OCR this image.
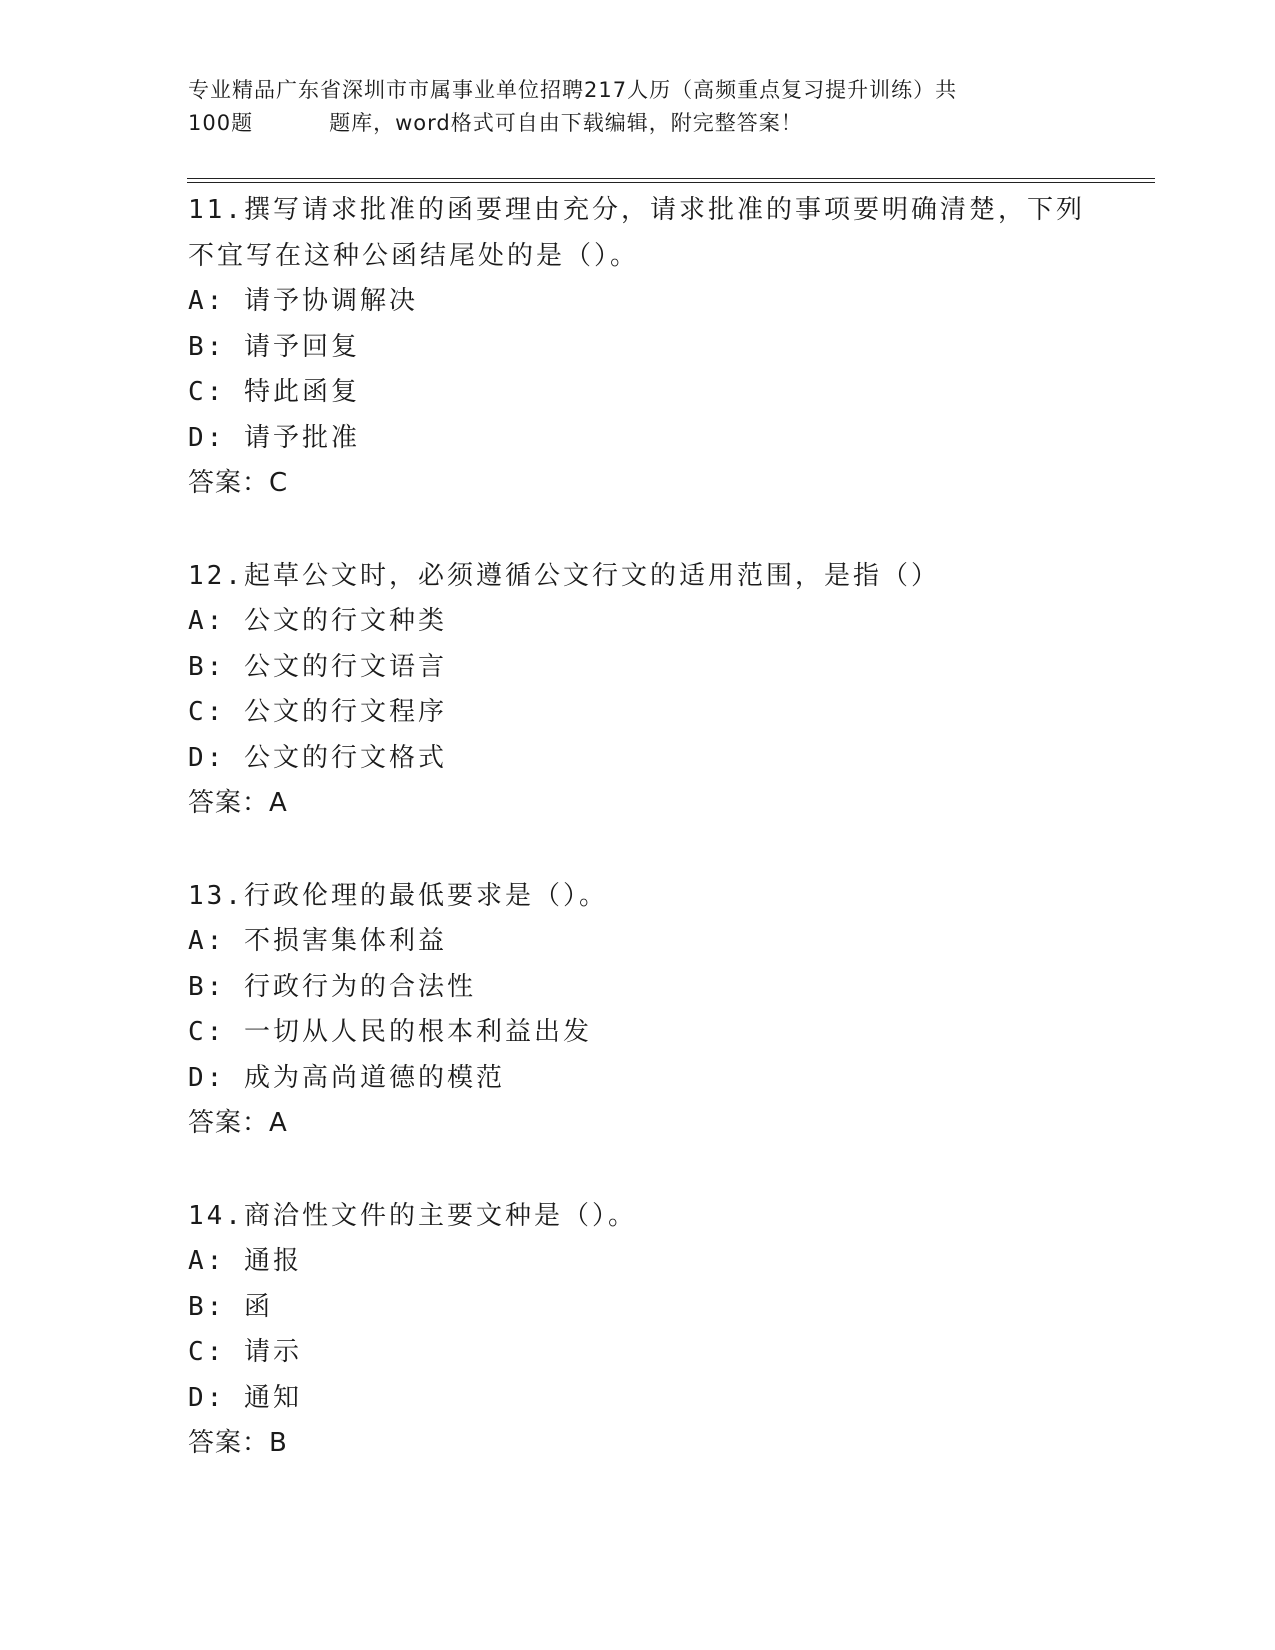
专业精品广东省深圳市市属事业单位招聘217人历（高频重点复习提升训练）共
100题	题库，word格式可自由下载编辑，附完整答案！
11.撰写请求批准的函要理由充分，请求批准的事项要明确清楚，下列
不宜写在这种公函结尾处的是（）。
A: 请予协调解决
B: 请予回复
C: 特此函复
D: 请予批准
答案：C
12.起草公文时，必须遵循公文行文的适用范围，是指（）
A: 公文的行文种类
B: 公文的行文语言
C: 公文的行文程序
D: 公文的行文格式
答案：A
13.行政伦理的最低要求是（）。
A: 不损害集体利益
B: 行政行为的合法性
C: 一切从人民的根本利益出发
D: 成为高尚道德的模范
答案：A
14.商洽性文件的主要文种是（）。
A: 通报
B: 函
C: 请示
D: 通知
答案：B
